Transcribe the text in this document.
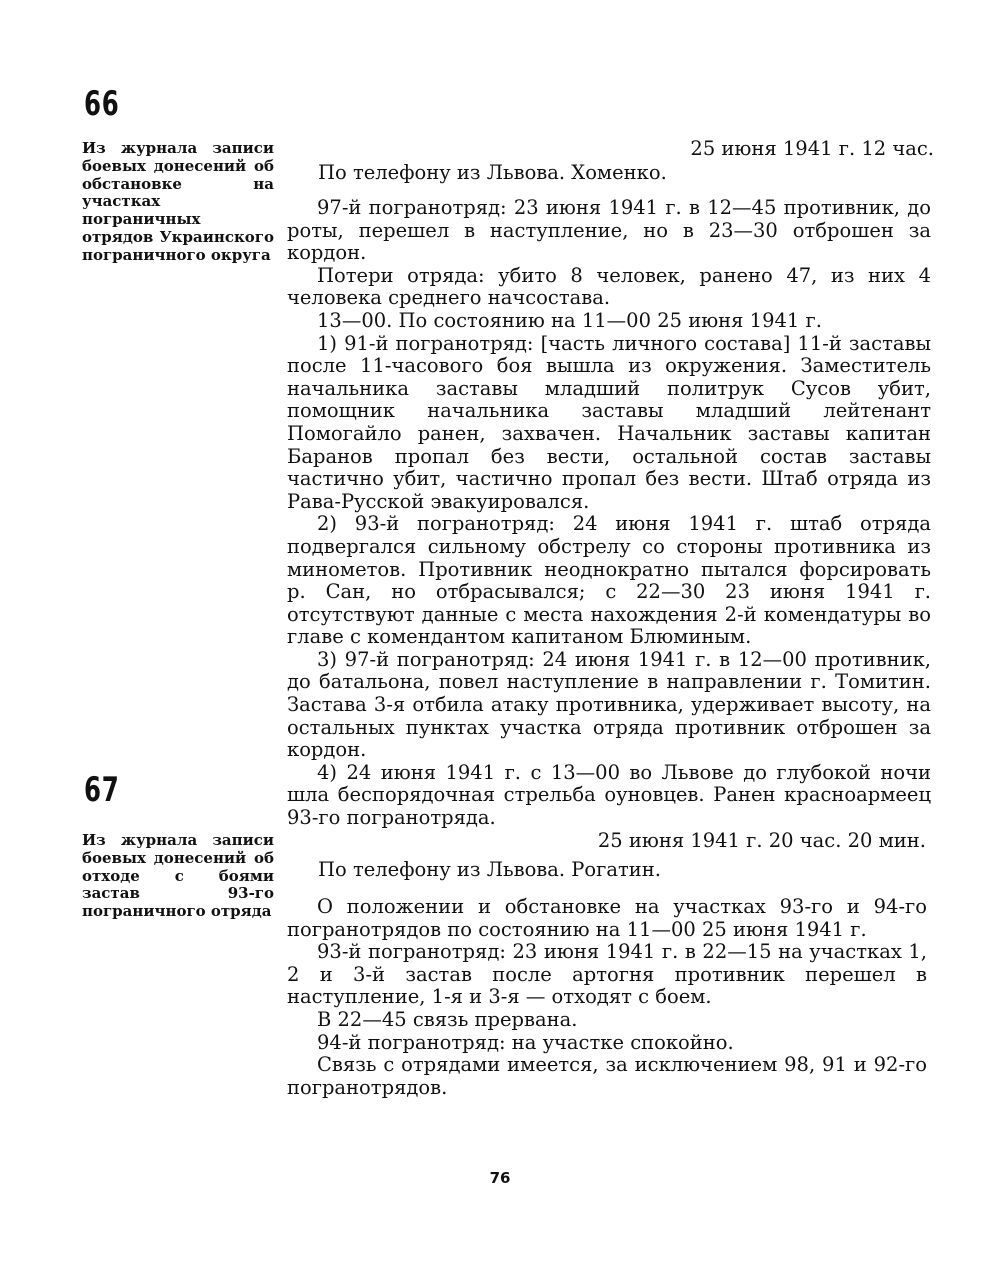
66
Из журнала записи боевых донесений об обстановке на участках пограничных отрядов Украинского пограничного округа
25 июня 1941 г. 12 час.
По телефону из Львова. Хоменко.

97-й погранотряд: 23 июня 1941 г. в 12—45 противник, до роты, перешел в наступление, но в 23—30 отброшен за кордон.

Потери отряда: убито 8 человек, ранено 47, из них 4 человека среднего начсостава.

13—00. По состоянию на 11—00 25 июня 1941 г.

1) 91-й погранотряд: [часть личного состава] 11-й заставы после 11-часового боя вышла из окружения. Заместитель начальника заставы младший политрук Сусов убит, помощник начальника заставы младший лейтенант Помогайло ранен, захвачен. Начальник заставы капитан Баранов пропал без вести, остальной состав заставы частично убит, частично пропал без вести. Штаб отряда из Рава-Русской эвакуировался.

2) 93-й погранотряд: 24 июня 1941 г. штаб отряда подвергался сильному обстрелу со стороны противника из минометов. Противник неоднократно пытался форсировать р. Сан, но отбрасывался; с 22—30 23 июня 1941 г. отсутствуют данные с места нахождения 2-й комендатуры во главе с комендантом капитаном Блюминым.

3) 97-й погранотряд: 24 июня 1941 г. в 12—00 противник, до батальона, повел наступление в направлении г. Томитин. Застава 3-я отбила атаку противника, удерживает высоту, на остальных пунктах участка отряда противник отброшен за кордон.

4) 24 июня 1941 г. с 13—00 во Львове до глубокой ночи шла беспорядочная стрельба оуновцев. Ранен красноармеец 93-го погранотряда.

67
Из журнала записи боевых донесений об отходе с боями застав 93-го пограничного отряда
25 июня 1941 г. 20 час. 20 мин.
По телефону из Львова. Рогатин.

О положении и обстановке на участках 93-го и 94-го погранотрядов по состоянию на 11—00 25 июня 1941 г.

93-й погранотряд: 23 июня 1941 г. в 22—15 на участках 1, 2 и 3-й застав после артогня противник перешел в наступление, 1-я и 3-я — отходят с боем.

В 22—45 связь прервана.

94-й погранотряд: на участке спокойно.

Связь с отрядами имеется, за исключением 98, 91 и 92-го погранотрядов.

76
